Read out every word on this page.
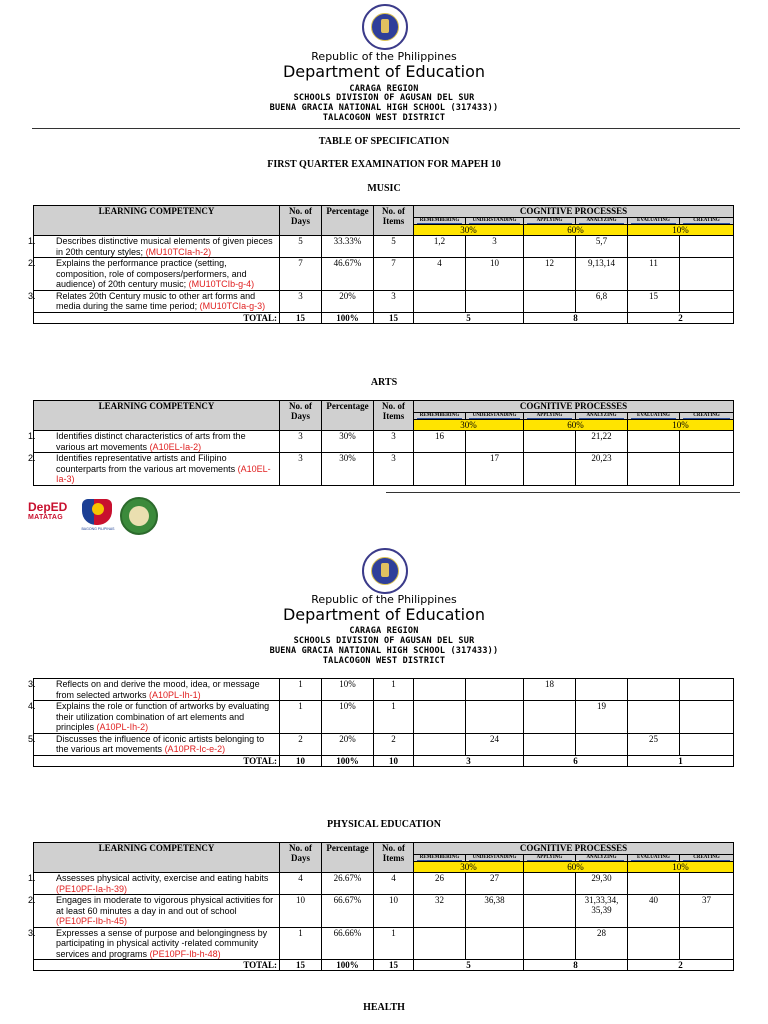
Republic of the Philippines
Department of Education
CARAGA REGION
SCHOOLS DIVISION OF AGUSAN DEL SUR
BUENA GRACIA NATIONAL HIGH SCHOOL (317433))
TALACOGON WEST DISTRICT
TABLE OF SPECIFICATION
FIRST QUARTER EXAMINATION FOR MAPEH 10
MUSIC
LEARNING COMPETENCY	No. of Days	Percentage	No. of Items	COGNITIVE PROCESSES					
				REMEMBERING	UNDERSTANDING	APPLYING	ANALYZING	EVALUATING	CREATING
				30%		60%		10%	

1. Describes distinctive musical elements of given pieces in 20th century styles; (MU10TCIa-h-2)	5	33.33%	5	1,2	3		5,7		

2. Explains the performance practice (setting, composition, role of composers/performers, and audience) of 20th century music; (MU10TCIb-g-4)	7	46.67%	7	4	10	12	9,13,14	11	

3. Relates 20th Century music to other art forms and media during the same time period; (MU10TCIa-g-3)	3	20%	3				6,8	15	
TOTAL:	15	100%	15	5		8		2	
ARTS
LEARNING COMPETENCY	No. of Days	Percentage	No. of Items	COGNITIVE PROCESSES					
				REMEMBERING	UNDERSTANDING	APPLYING	ANALYZING	EVALUATING	CREATING
				30%		60%		10%	

1. Identifies distinct characteristics of arts from the various art movements (A10EL-Ia-2)	3	30%	3	16			21,22		

2. Identifies representative artists and Filipino counterparts from the various art movements (A10EL-Ia-3)	3	30%	3		17		20,23		
DepED
MATATAG
BAGONG PILIPINAS
Republic of the Philippines
Department of Education
CARAGA REGION
SCHOOLS DIVISION OF AGUSAN DEL SUR
BUENA GRACIA NATIONAL HIGH SCHOOL (317433))
TALACOGON WEST DISTRICT
3. Reflects on and derive the mood, idea, or message from selected artworks (A10PL-Ih-1)	1	10%	1			18			

4. Explains the role or function of artworks by evaluating their utilization combination of art elements and principles (A10PL-Ih-2)	1	10%	1				19		

5. Discusses the influence of iconic artists belonging to the various art movements (A10PR-Ic-e-2)	2	20%	2		24			25	
TOTAL:	10	100%	10	3		6		1	
PHYSICAL EDUCATION
LEARNING COMPETENCY	No. of Days	Percentage	No. of Items	COGNITIVE PROCESSES					
				REMEMBERING	UNDERSTANDING	APPLYING	ANALYZING	EVALUATING	CREATING
				30%		60%		10%	

1. Assesses physical activity, exercise and eating habits (PE10PF-Ia-h-39)	4	26.67%	4	26	27		29,30		

2. Engages in moderate to vigorous physical activities for at least 60 minutes a day in and out of school (PE10PF-Ib-h-45)	10	66.67%	10	32	36,38		31,33,34, 35,39	40	37

3. Expresses a sense of purpose and belongingness by participating in physical activity -related community services and programs (PE10PF-Ib-h-48)	1	66.66%	1				28		
TOTAL:	15	100%	15	5		8		2	
HEALTH
